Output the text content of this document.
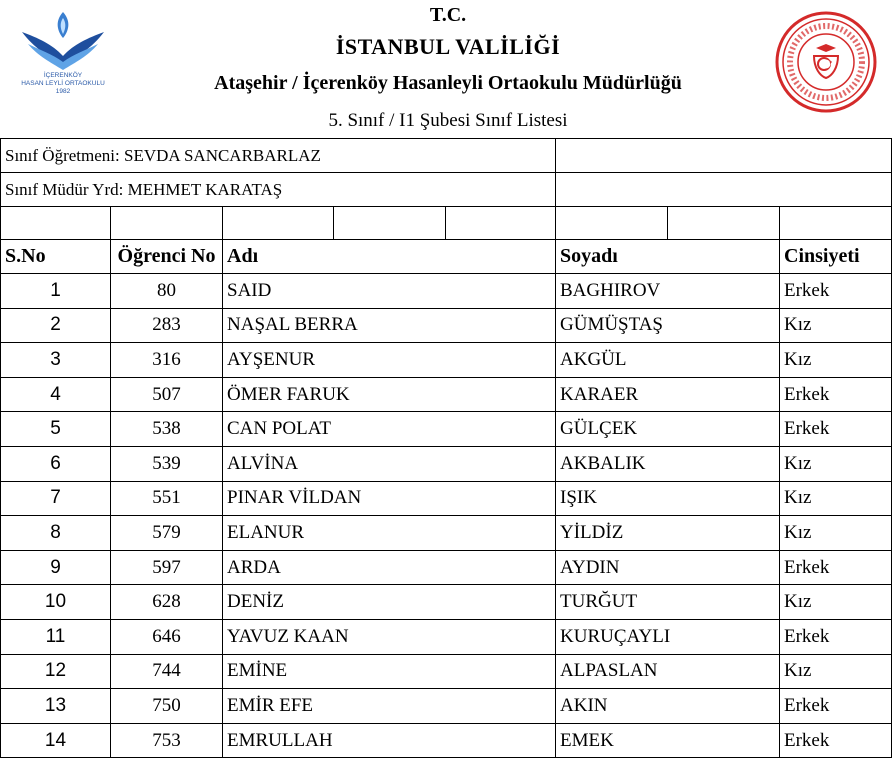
İÇERENKÖY
HASAN LEYLİ ORTAOKULU
1982
T.C.
İSTANBUL VALİLİĞİ
Ataşehir / İçerenköy Hasanleyli Ortaokulu Müdürlüğü
5. Sınıf / I1 Şubesi Sınıf Listesi
Sınıf Öğretmeni: SEVDA SANCARBARLAZ							
Sınıf Müdür Yrd: MEHMET KARATAŞ							

S.No	Öğrenci No	Adı			Soyadı		Cinsiyeti
1	80	SAID			BAGHIROV		Erkek
2	283	NAŞAL BERRA			GÜMÜŞTAŞ		Kız
3	316	AYŞENUR			AKGÜL		Kız
4	507	ÖMER FARUK			KARAER		Erkek
5	538	CAN POLAT			GÜLÇEK		Erkek
6	539	ALVİNA			AKBALIK		Kız
7	551	PINAR VİLDAN			IŞIK		Kız
8	579	ELANUR			YİLDİZ		Kız
9	597	ARDA			AYDIN		Erkek
10	628	DENİZ			TURĞUT		Kız
11	646	YAVUZ KAAN			KURUÇAYLI		Erkek
12	744	EMİNE			ALPASLAN		Kız
13	750	EMİR EFE			AKIN		Erkek
14	753	EMRULLAH			EMEK		Erkek
